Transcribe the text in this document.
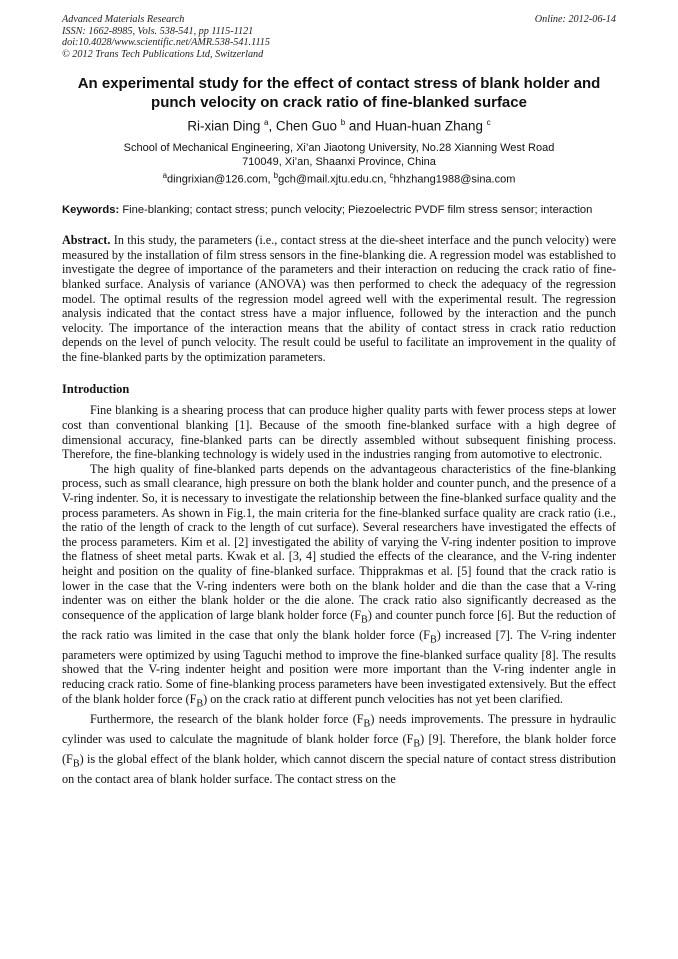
Advanced Materials Research
ISSN: 1662-8985, Vols. 538-541, pp 1115-1121
doi:10.4028/www.scientific.net/AMR.538-541.1115
© 2012 Trans Tech Publications Ltd, Switzerland
Online: 2012-06-14
An experimental study for the effect of contact stress of blank holder and punch velocity on crack ratio of fine-blanked surface
Ri-xian Ding $^a$, Chen Guo $^b$ and Huan-huan Zhang $^c$
School of Mechanical Engineering, Xi’an Jiaotong University, No.28 Xianning West Road
710049, Xi’an, Shaanxi Province, China
$^a$dingrixian@126.com, $^b$gch@mail.xjtu.edu.cn, $^c$hhzhang1988@sina.com
Keywords: Fine-blanking; contact stress; punch velocity; Piezoelectric PVDF film stress sensor; interaction
Abstract. In this study, the parameters (i.e., contact stress at the die-sheet interface and the punch velocity) were measured by the installation of film stress sensors in the fine-blanking die. A regression model was established to investigate the degree of importance of the parameters and their interaction on reducing the crack ratio of fine-blanked surface. Analysis of variance (ANOVA) was then performed to check the adequacy of the regression model. The optimal results of the regression model agreed well with the experimental result. The regression analysis indicated that the contact stress have a major influence, followed by the interaction and the punch velocity. The importance of the interaction means that the ability of contact stress in crack ratio reduction depends on the level of punch velocity. The result could be useful to facilitate an improvement in the quality of the fine-blanked parts by the optimization parameters.
Introduction
Fine blanking is a shearing process that can produce higher quality parts with fewer process steps at lower cost than conventional blanking [1]. Because of the smooth fine-blanked surface with a high degree of dimensional accuracy, fine-blanked parts can be directly assembled without subsequent finishing process. Therefore, the fine-blanking technology is widely used in the industries ranging from automotive to electronic.
The high quality of fine-blanked parts depends on the advantageous characteristics of the fine-blanking process, such as small clearance, high pressure on both the blank holder and counter punch, and the presence of a V-ring indenter. So, it is necessary to investigate the relationship between the fine-blanked surface quality and the process parameters. As shown in Fig.1, the main criteria for the fine-blanked surface quality are crack ratio (i.e., the ratio of the length of crack to the length of cut surface). Several researchers have investigated the effects of the process parameters. Kim et al. [2] investigated the ability of varying the V-ring indenter position to improve the flatness of sheet metal parts. Kwak et al. [3, 4] studied the effects of the clearance, and the V-ring indenter height and position on the quality of fine-blanked surface. Thipprakmas et al. [5] found that the crack ratio is lower in the case that the V-ring indenters were both on the blank holder and die than the case that a V-ring indenter was on either the blank holder or the die alone. The crack ratio also significantly decreased as the consequence of the application of large blank holder force $(F_B)$ and counter punch force [6]. But the reduction of the rack ratio was limited in the case that only the blank holder force $(F_B)$ increased [7]. The V-ring indenter parameters were optimized by using Taguchi method to improve the fine-blanked surface quality [8]. The results showed that the V-ring indenter height and position were more important than the V-ring indenter angle in reducing crack ratio. Some of fine-blanking process parameters have been investigated extensively. But the effect of the blank holder force $(F_B)$ on the crack ratio at different punch velocities has not yet been clarified.
Furthermore, the research of the blank holder force $(F_B)$ needs improvements. The pressure in hydraulic cylinder was used to calculate the magnitude of blank holder force $(F_B)$ [9]. Therefore, the blank holder force $(F_B)$ is the global effect of the blank holder, which cannot discern the special nature of contact stress distribution on the contact area of blank holder surface. The contact stress on the
